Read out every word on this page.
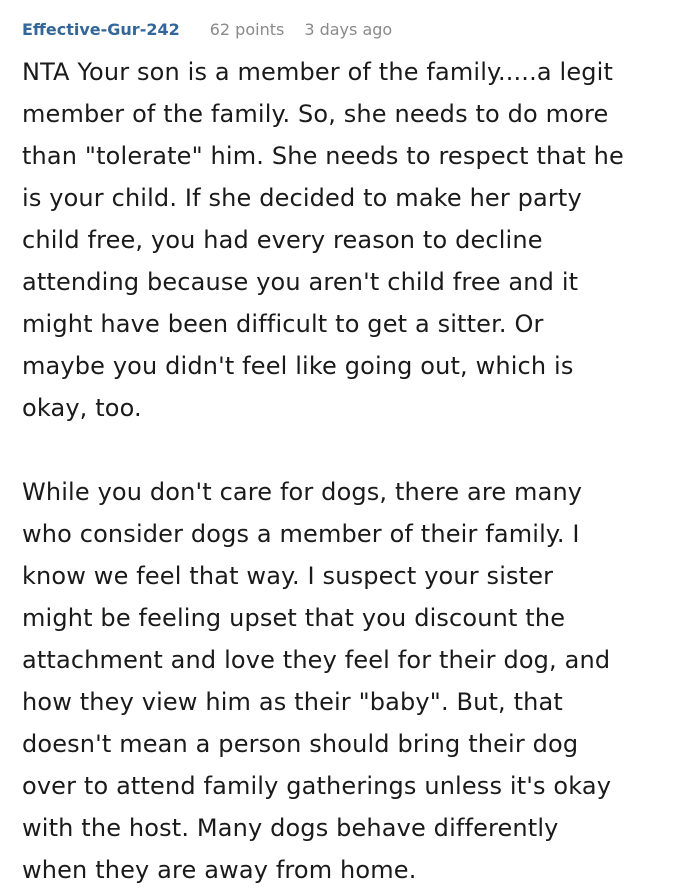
Effective-Gur-242 62 points 3 days ago

NTA Your son is a member of the family.....a legit
member of the family. So, she needs to do more
than "tolerate" him. She needs to respect that he
is your child. If she decided to make her party
child free, you had every reason to decline
attending because you aren't child free and it
might have been difficult to get a sitter. Or
maybe you didn't feel like going out, which is
okay, too.

While you don't care for dogs, there are many
who consider dogs a member of their family. I
know we feel that way. I suspect your sister
might be feeling upset that you discount the
attachment and love they feel for their dog, and
how they view him as their "baby". But, that
doesn't mean a person should bring their dog
over to attend family gatherings unless it's okay
with the host. Many dogs behave differently
when they are away from home.
